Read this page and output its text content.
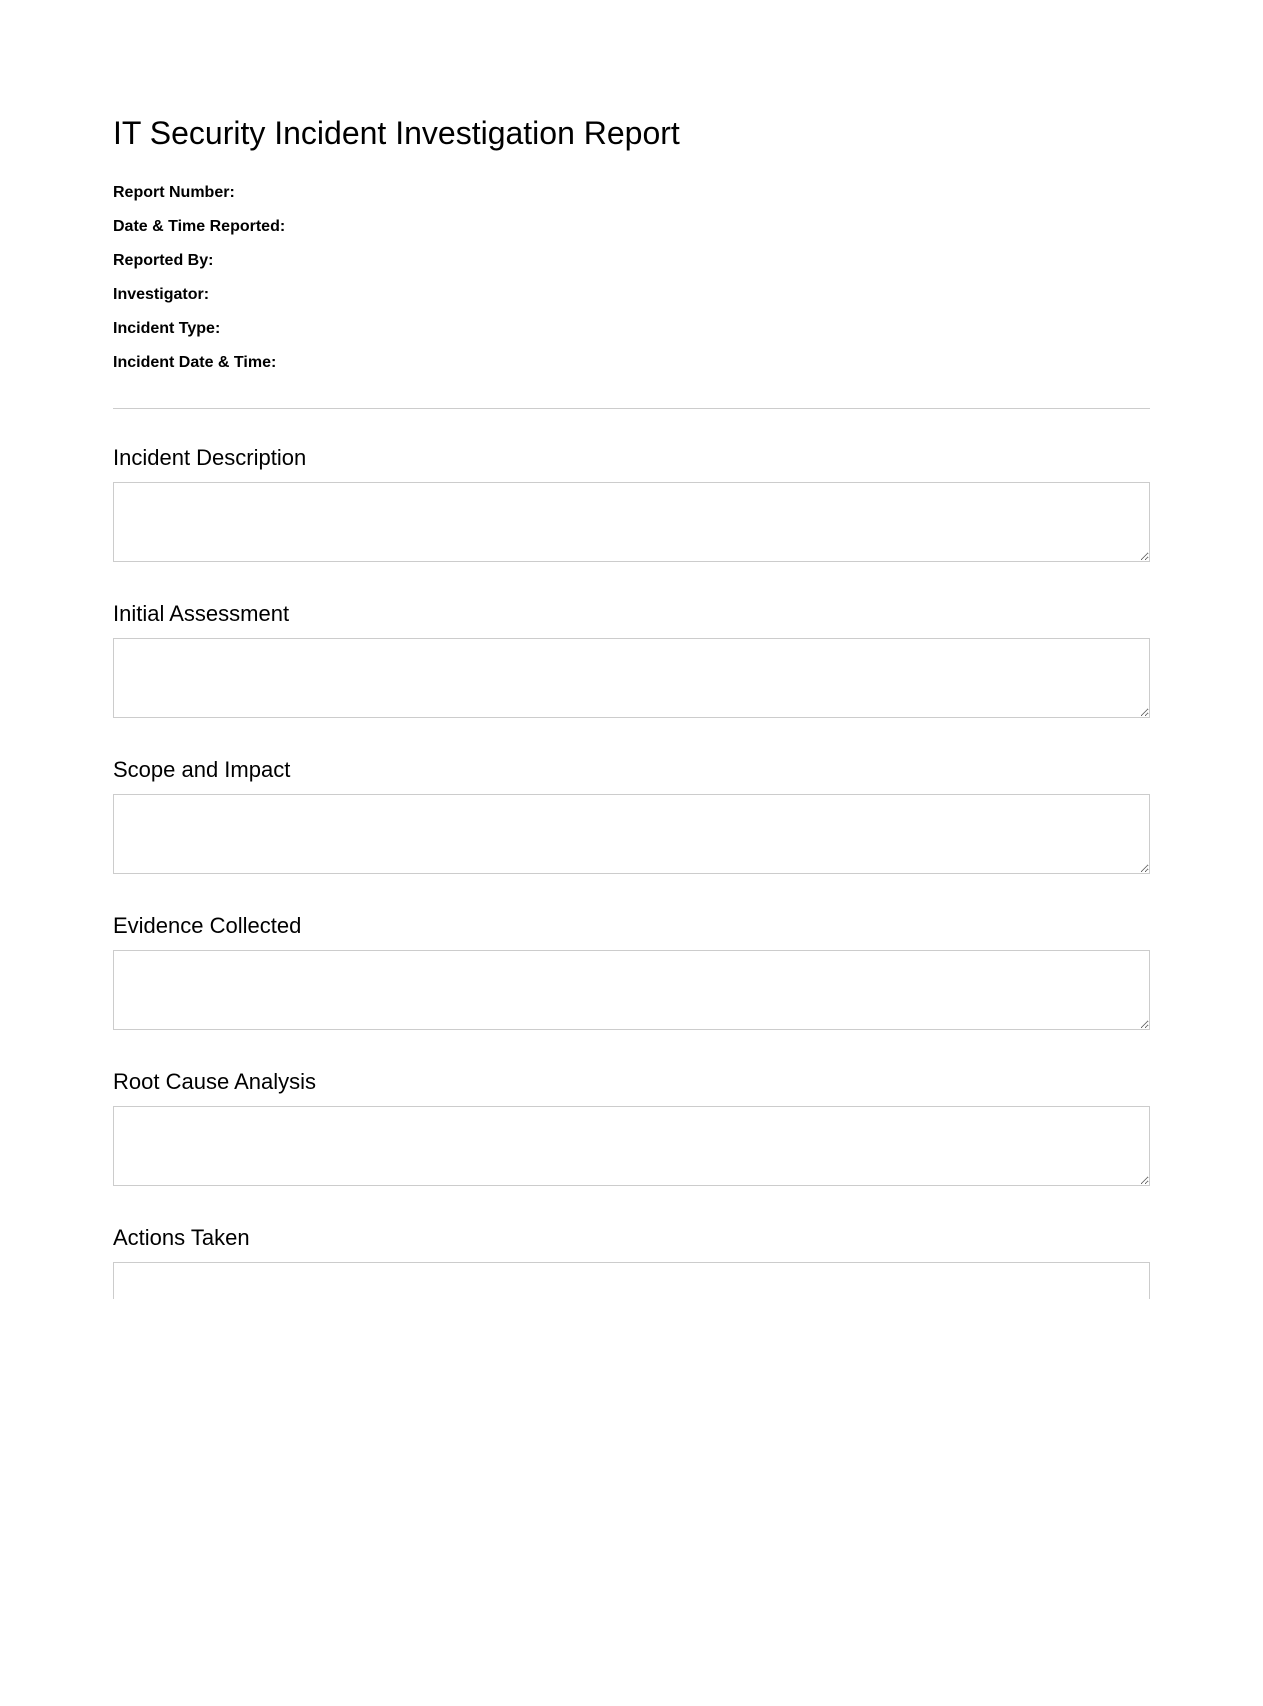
IT Security Incident Investigation Report
Report Number:
Date & Time Reported:
Reported By:
Investigator:
Incident Type:
Incident Date & Time:
Incident Description
Initial Assessment
Scope and Impact
Evidence Collected
Root Cause Analysis
Actions Taken
